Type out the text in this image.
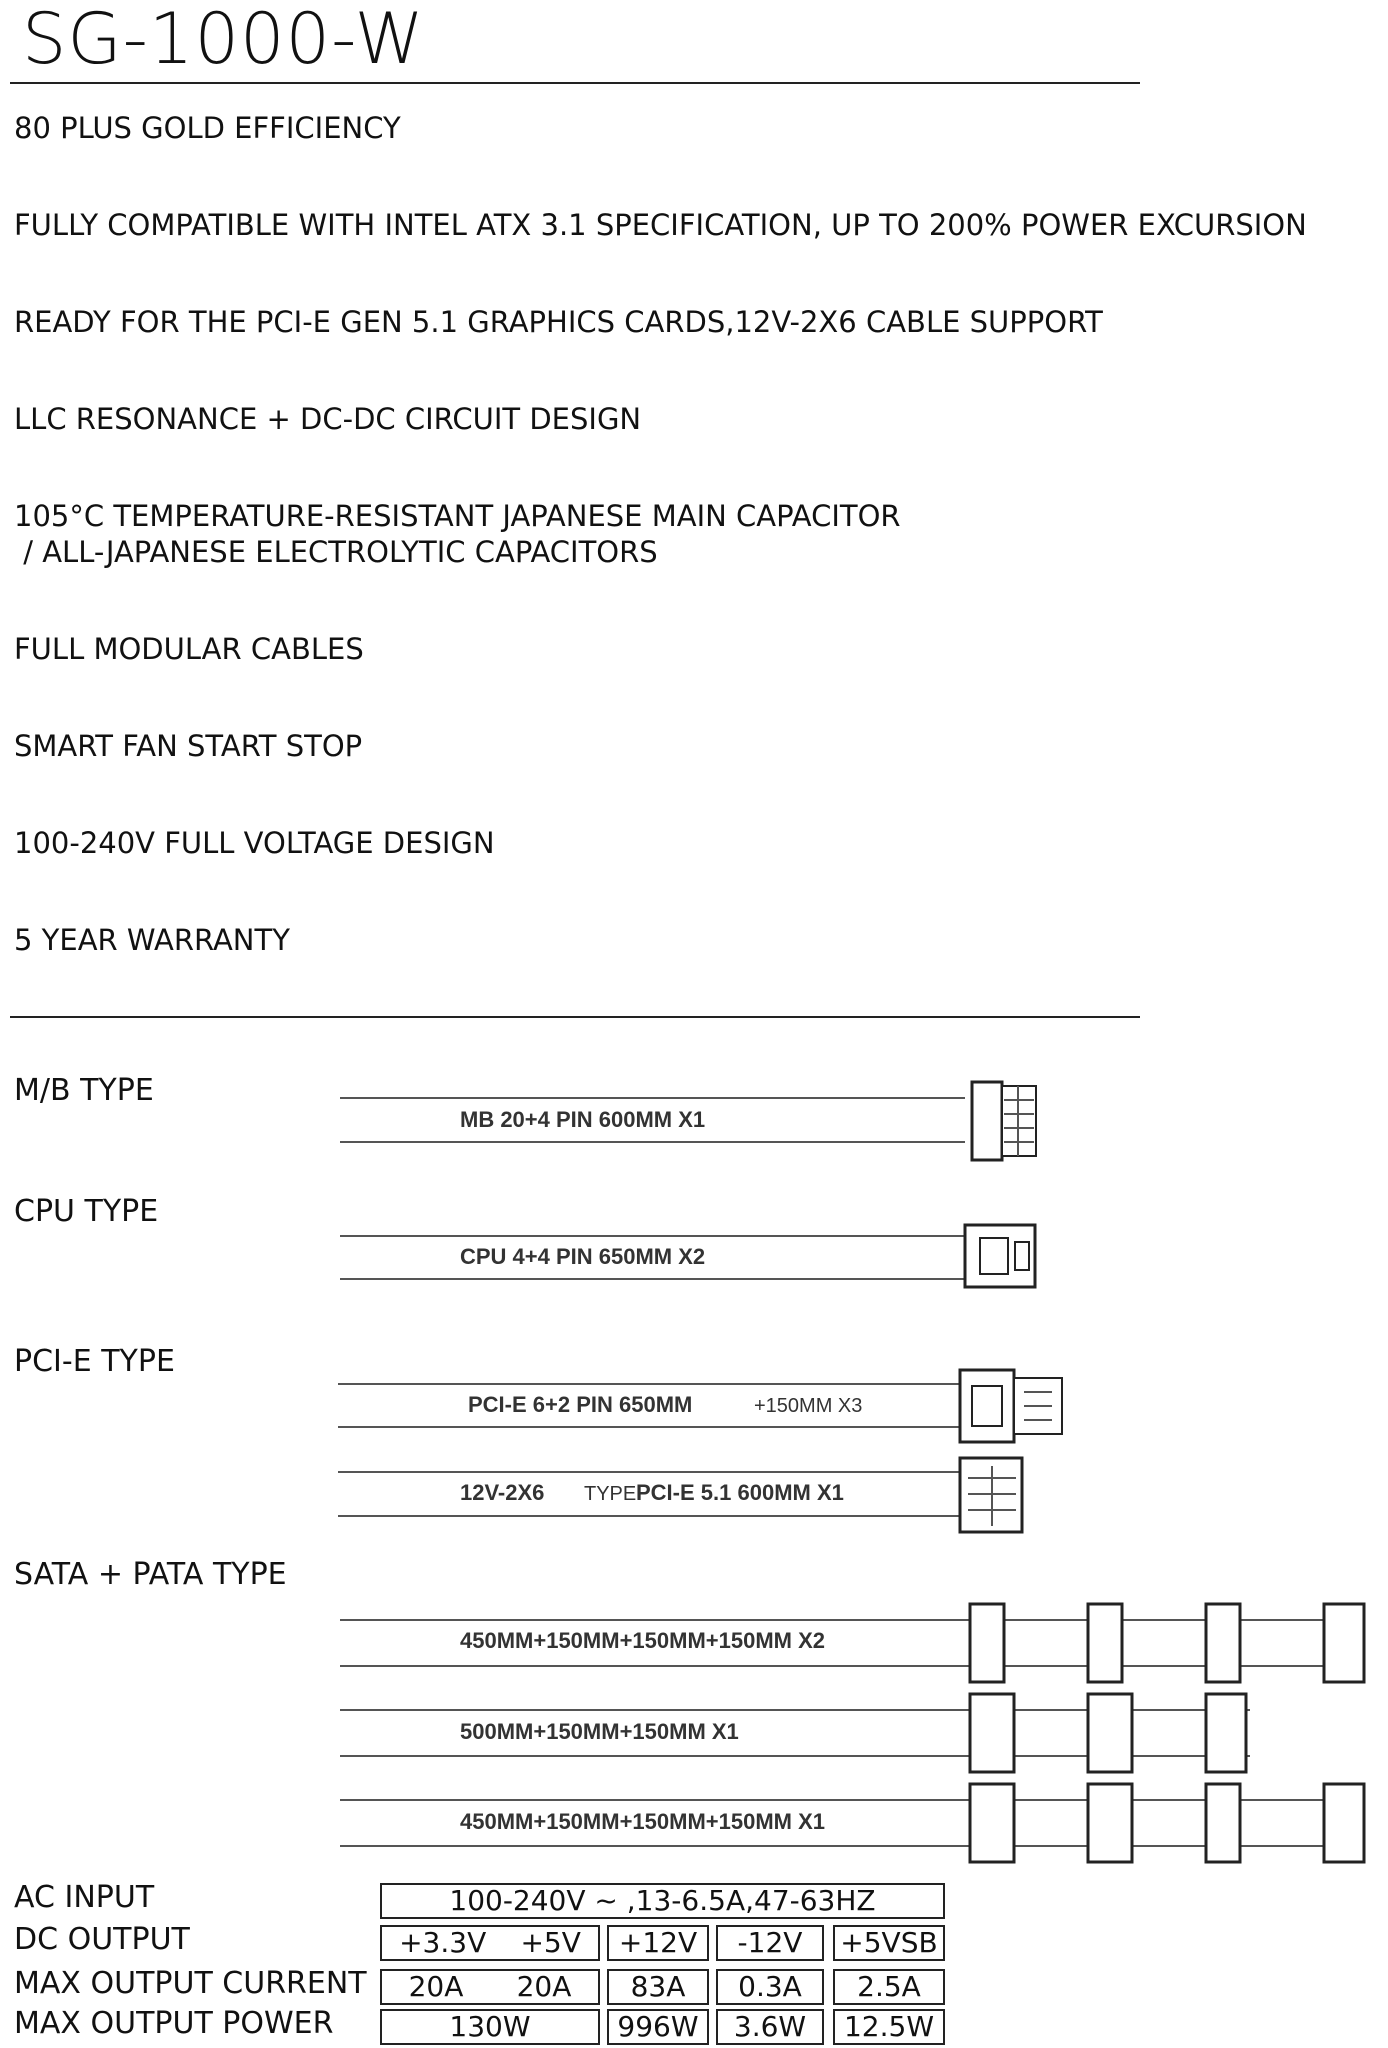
SG-1000-W
80 PLUS GOLD EFFICIENCY
FULLY COMPATIBLE WITH INTEL ATX 3.1 SPECIFICATION, UP TO 200% POWER EXCURSION
READY FOR THE PCI-E GEN 5.1 GRAPHICS CARDS,12V-2X6 CABLE SUPPORT
LLC RESONANCE + DC-DC CIRCUIT DESIGN
105°C TEMPERATURE-RESISTANT JAPANESE MAIN CAPACITOR
/ ALL-JAPANESE ELECTROLYTIC CAPACITORS
FULL MODULAR CABLES
SMART FAN START STOP
100-240V FULL VOLTAGE DESIGN
5 YEAR WARRANTY
M/B TYPE
CPU TYPE
PCI-E TYPE
SATA + PATA TYPE
MB 20+4 PIN 600MM X1
CPU 4+4 PIN 650MM X2
PCI-E 6+2 PIN 650MM	+150MM X3
12V-2X6 TYPE PCI-E 5.1 600MM X1
450MM+150MM+150MM+150MM X2
500MM+150MM+150MM X1
450MM+150MM+150MM+150MM X1
AC INPUT	100-240V ~ ,13-6.5A,47-63HZ
DC OUTPUT	+3.3V +5V	+12V	-12V	+5VSB
MAX OUTPUT CURRENT 20A 20A	83A	0.3A	2.5A
MAX OUTPUT POWER	130W	996W	3.6W	12.5W
